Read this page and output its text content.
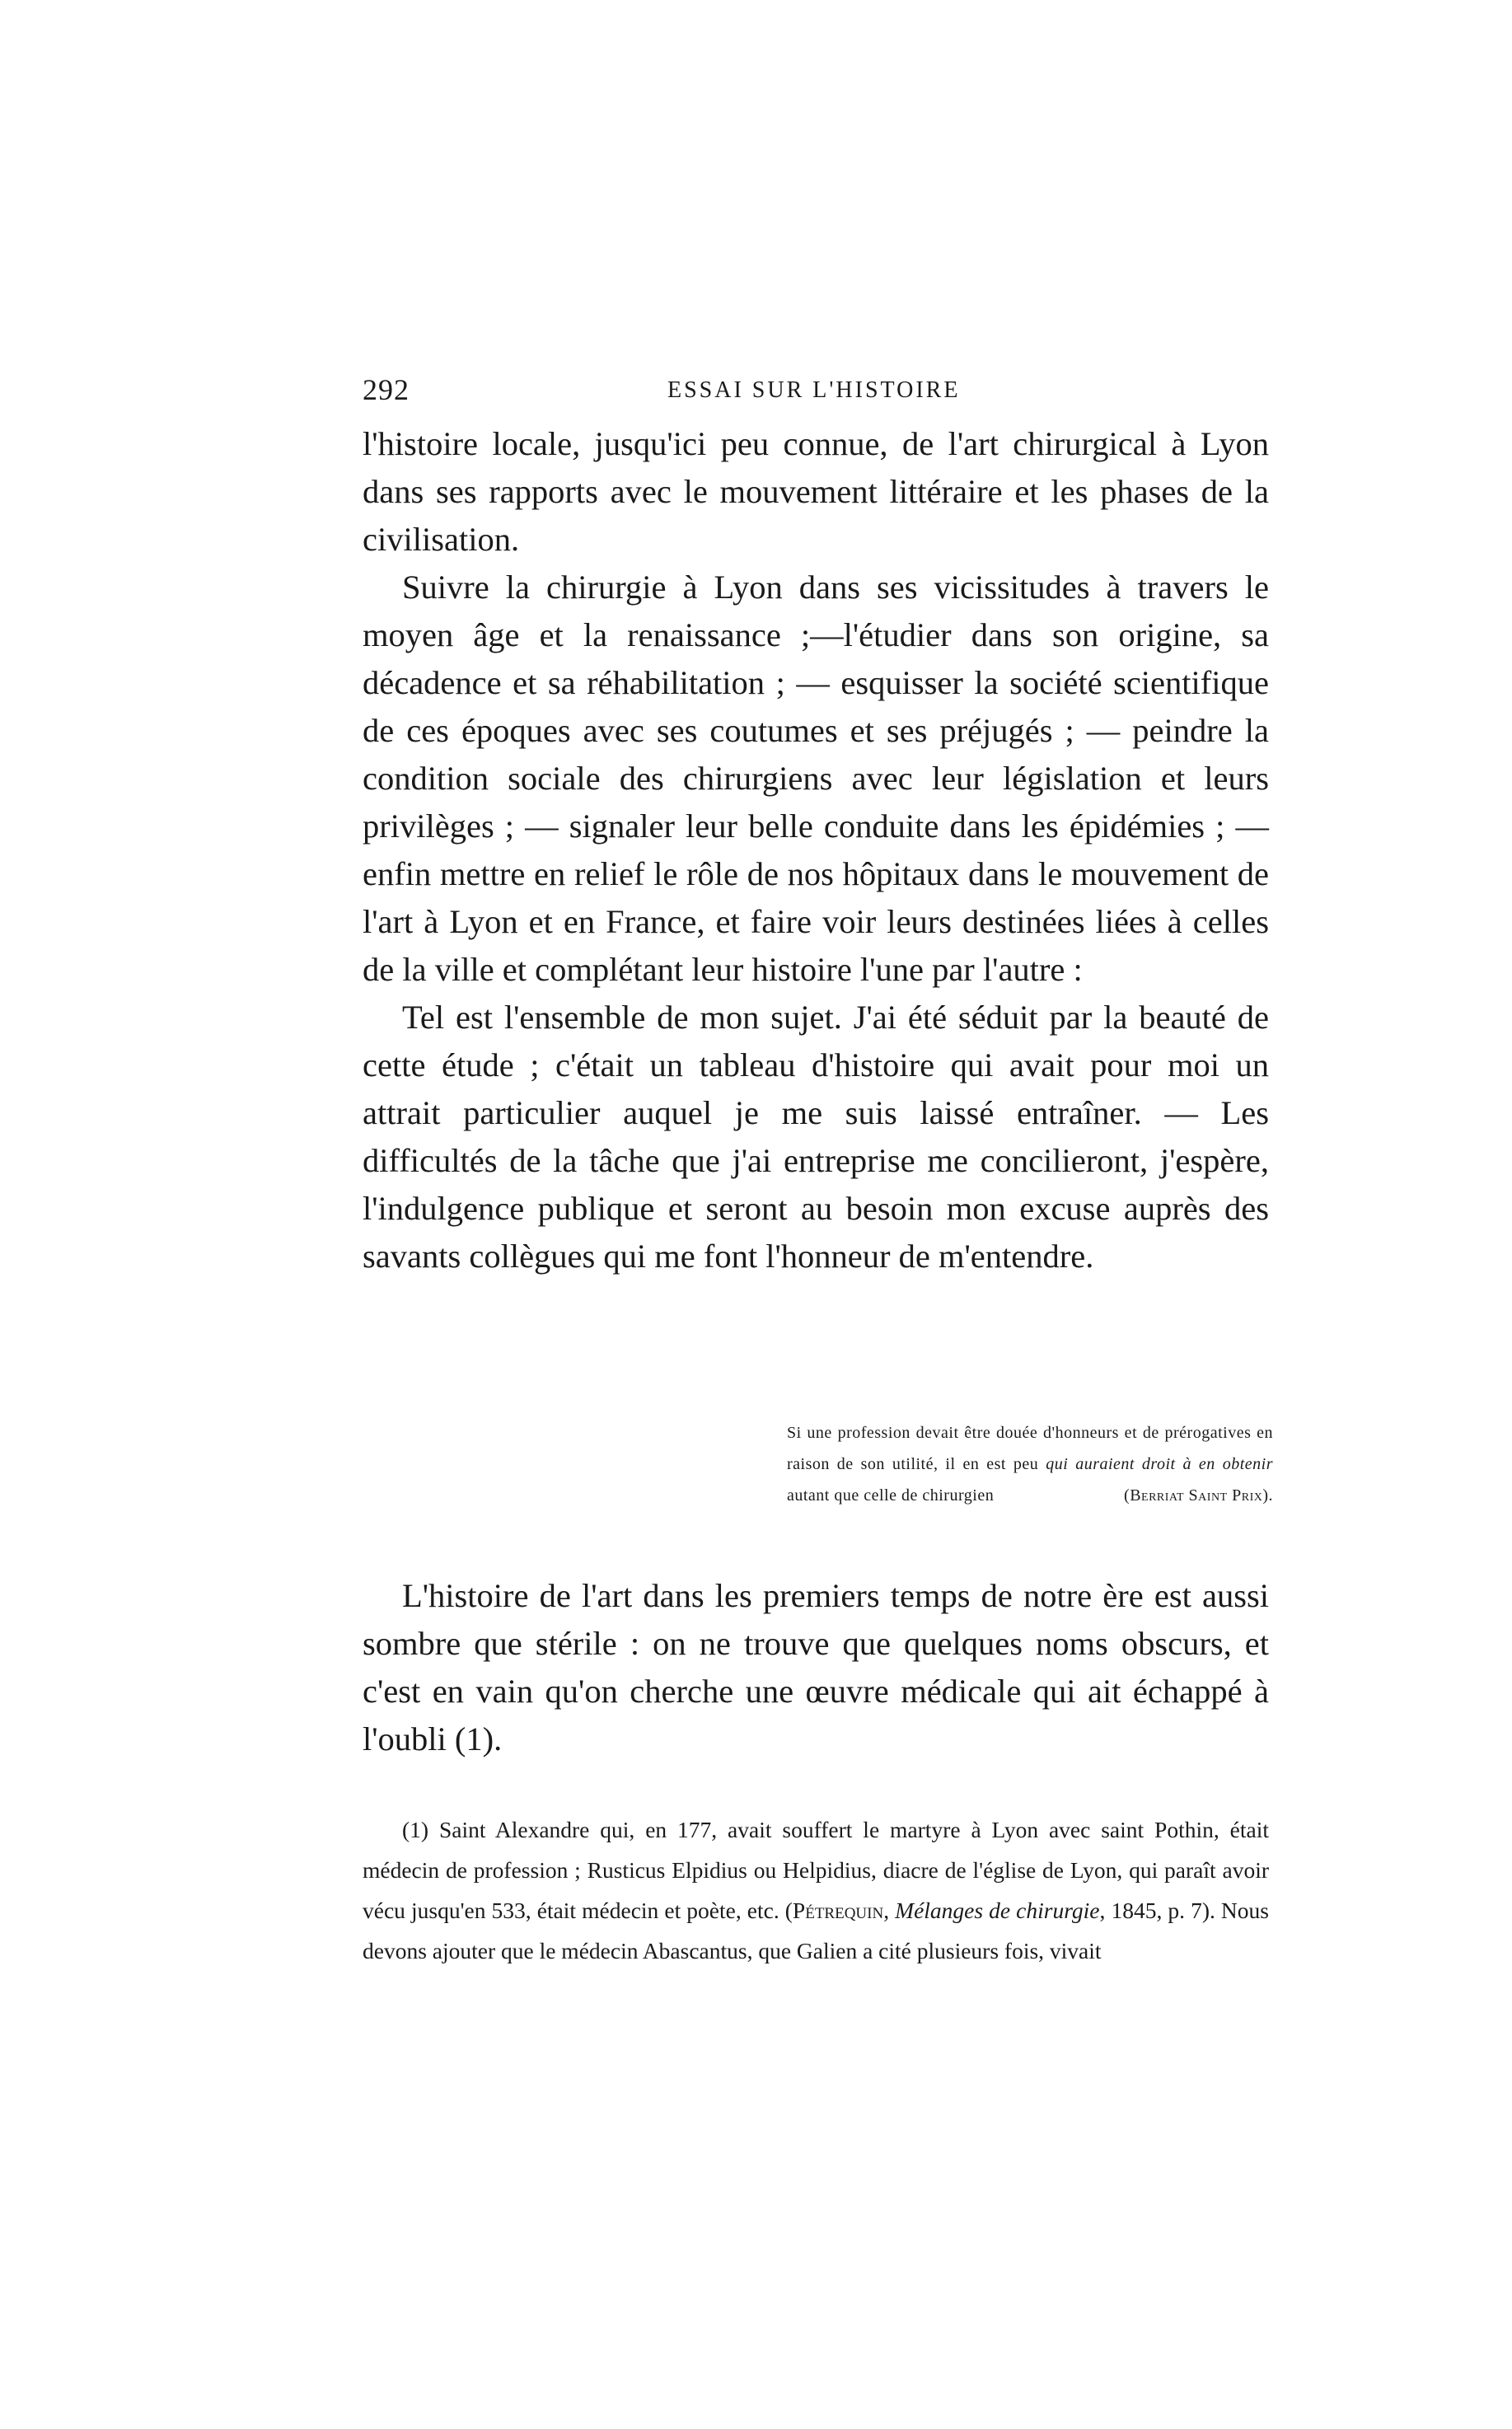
292	ESSAI SUR L'HISTOIRE

l'histoire locale, jusqu'ici peu connue, de l'art chirurgical à Lyon dans ses rapports avec le mouvement littéraire et les phases de la civilisation.

Suivre la chirurgie à Lyon dans ses vicissitudes à travers le moyen âge et la renaissance ;—l'étudier dans son origine, sa décadence et sa réhabilitation ; — esquisser la société scientifique de ces époques avec ses coutumes et ses préjugés ; — peindre la condition sociale des chirurgiens avec leur législation et leurs privilèges ; — signaler leur belle conduite dans les épidémies ; — enfin mettre en relief le rôle de nos hôpitaux dans le mouvement de l'art à Lyon et en France, et faire voir leurs destinées liées à celles de la ville et complétant leur histoire l'une par l'autre :

Tel est l'ensemble de mon sujet. J'ai été séduit par la beauté de cette étude ; c'était un tableau d'histoire qui avait pour moi un attrait particulier auquel je me suis laissé entraîner. — Les difficultés de la tâche que j'ai entreprise me concilieront, j'espère, l'indulgence publique et seront au besoin mon excuse auprès des savants collègues qui me font l'honneur de m'entendre.

Si une profession devait être douée d'honneurs et de prérogatives en raison de son utilité, il en est peu qui auraient droit à en obtenir autant que celle de chirurgien	(Berriat Saint Prix).

L'histoire de l'art dans les premiers temps de notre ère est aussi sombre que stérile : on ne trouve que quelques noms obscurs, et c'est en vain qu'on cherche une œuvre médicale qui ait échappé à l'oubli (1).

(1) Saint Alexandre qui, en 177, avait souffert le martyre à Lyon avec saint Pothin, était médecin de profession ; Rusticus Elpidius ou Helpidius, diacre de l'église de Lyon, qui paraît avoir vécu jusqu'en 533, était médecin et poète, etc. (Pétrequin, Mélanges de chirurgie, 1845, p. 7). Nous devons ajouter que le médecin Abascantus, que Galien a cité plusieurs fois, vivait
